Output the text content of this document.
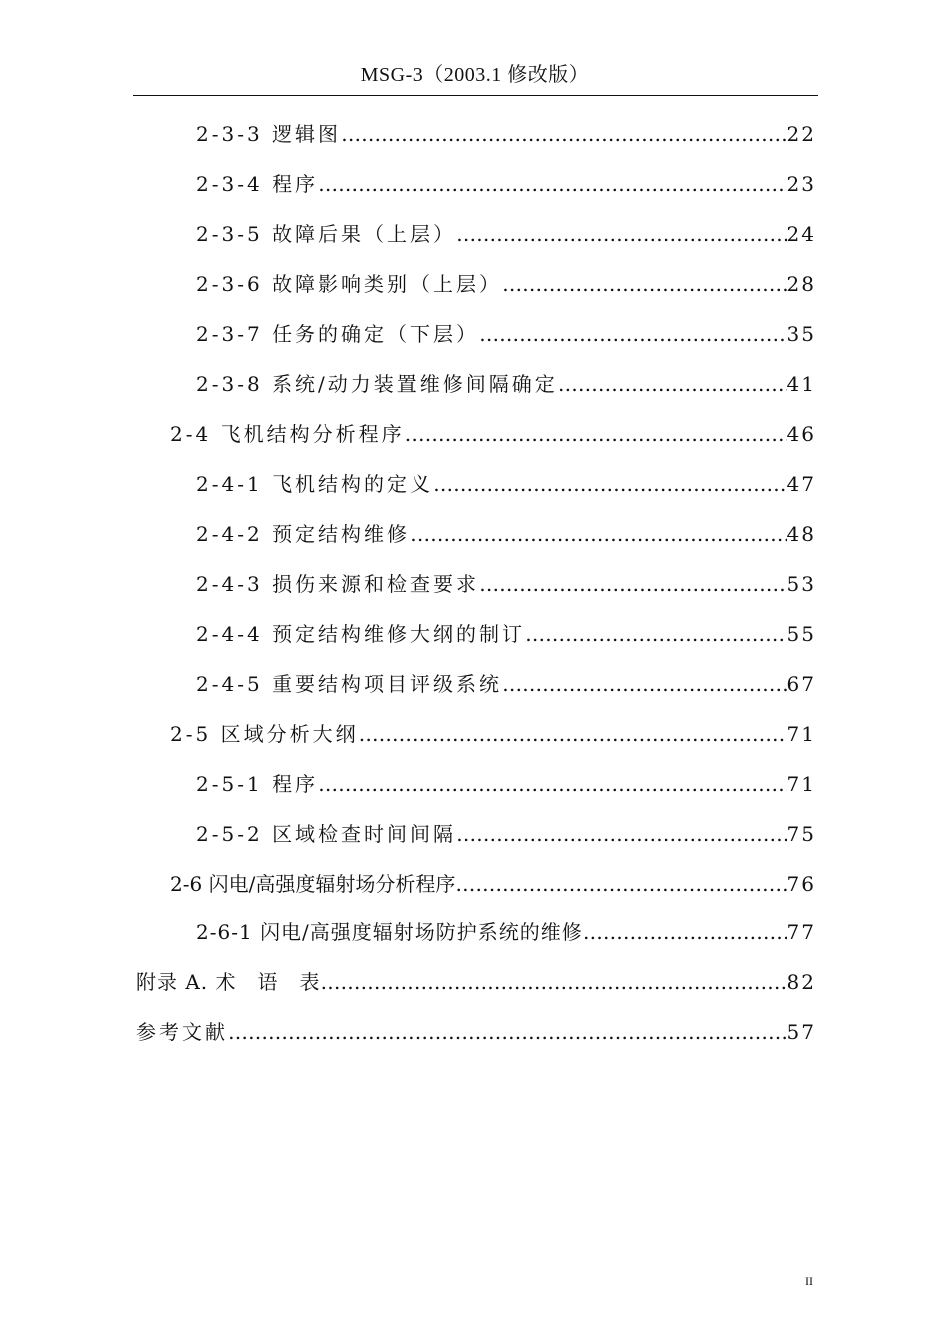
MSG-3（2003.1 修改版）
2-3-3 逻辑图 …………………………………………………………………………………………………………………………………………………	22
2-3-4 程序 …………………………………………………………………………………………………………………………………………………	23
2-3-5 故障后果（上层） …………………………………………………………………………………………………………………………………………………	24
2-3-6 故障影响类别（上层） …………………………………………………………………………………………………………………………………………………	28
2-3-7 任务的确定（下层） …………………………………………………………………………………………………………………………………………………	35
2-3-8 系统/动力装置维修间隔确定 …………………………………………………………………………………………………………………………………………………	41
2-4 飞机结构分析程序 …………………………………………………………………………………………………………………………………………………	46
2-4-1 飞机结构的定义 …………………………………………………………………………………………………………………………………………………	47
2-4-2 预定结构维修 …………………………………………………………………………………………………………………………………………………	48
2-4-3 损伤来源和检查要求 …………………………………………………………………………………………………………………………………………………	53
2-4-4 预定结构维修大纲的制订 …………………………………………………………………………………………………………………………………………………	55
2-4-5 重要结构项目评级系统 …………………………………………………………………………………………………………………………………………………	67
2-5 区域分析大纲 …………………………………………………………………………………………………………………………………………………	71
2-5-1 程序 …………………………………………………………………………………………………………………………………………………	71
2-5-2 区域检查时间间隔 …………………………………………………………………………………………………………………………………………………	75
2-6 闪电/高强度辐射场分析程序 …………………………………………………………………………………………………………………………………………………	76
2-6-1 闪电/高强度辐射场防护系统的维修 …………………………………………………………………………………………………………………………………………………	77
附录 A. 术　语　表 …………………………………………………………………………………………………………………………………………………	82
参考文献 …………………………………………………………………………………………………………………………………………………	57
II
